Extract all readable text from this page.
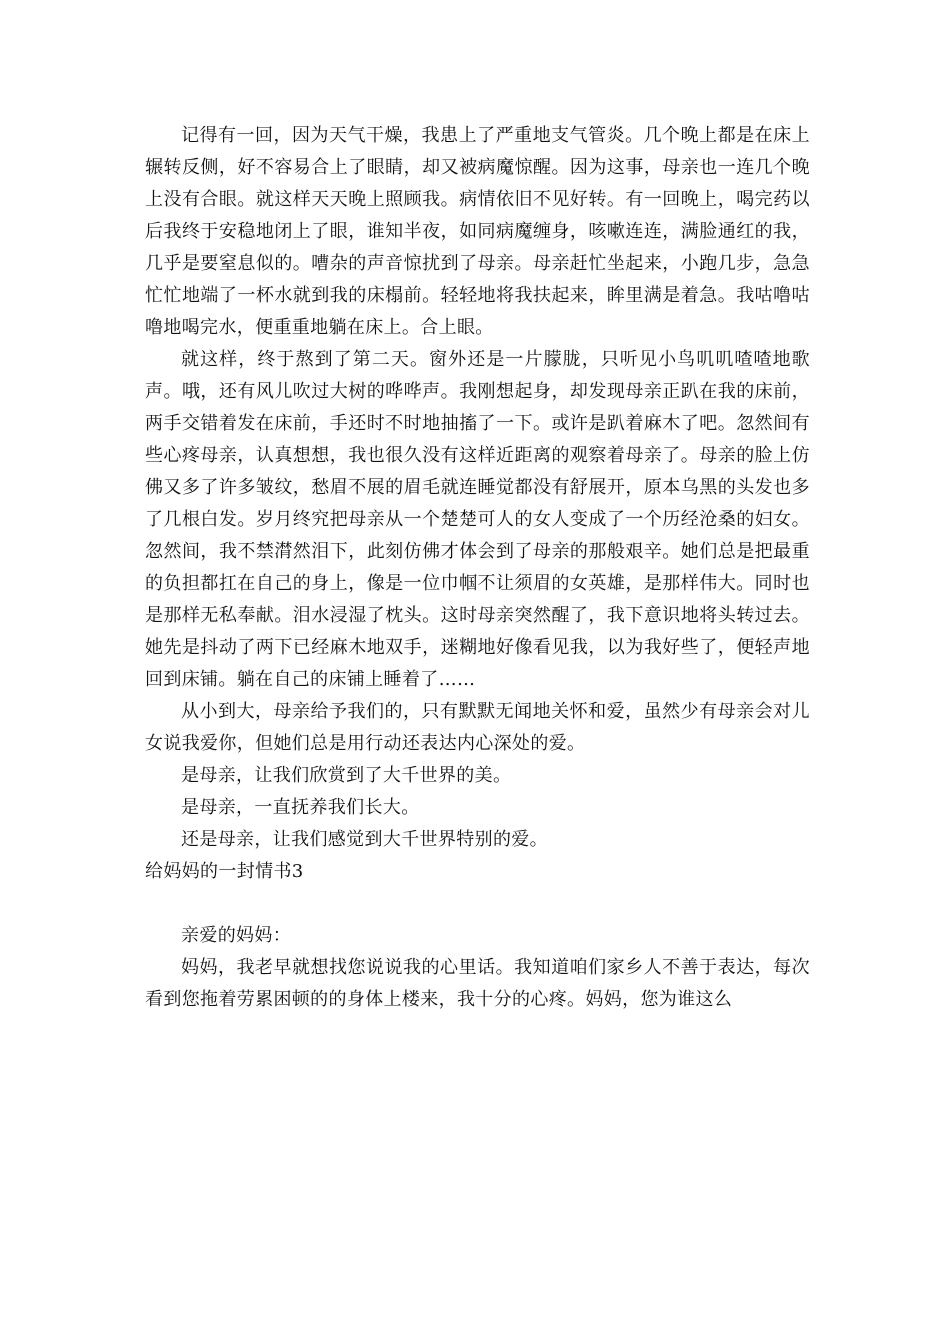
记得有一回，因为天气干燥，我患上了严重地支气管炎。几个晚上都是在床上辗转反侧，好不容易合上了眼睛，却又被病魔惊醒。因为这事，母亲也一连几个晚上没有合眼。就这样天天晚上照顾我。病情依旧不见好转。有一回晚上，喝完药以后我终于安稳地闭上了眼，谁知半夜，如同病魔缠身，咳嗽连连，满脸通红的我，几乎是要窒息似的。嘈杂的声音惊扰到了母亲。母亲赶忙坐起来，小跑几步，急急忙忙地端了一杯水就到我的床榻前。轻轻地将我扶起来，眸里满是着急。我咕噜咕噜地喝完水，便重重地躺在床上。合上眼。

就这样，终于熬到了第二天。窗外还是一片朦胧，只听见小鸟叽叽喳喳地歌声。哦，还有风儿吹过大树的哗哗声。我刚想起身，却发现母亲正趴在我的床前，两手交错着发在床前，手还时不时地抽搐了一下。或许是趴着麻木了吧。忽然间有些心疼母亲，认真想想，我也很久没有这样近距离的观察着母亲了。母亲的脸上仿佛又多了许多皱纹，愁眉不展的眉毛就连睡觉都没有舒展开，原本乌黑的头发也多了几根白发。岁月终究把母亲从一个楚楚可人的女人变成了一个历经沧桑的妇女。忽然间，我不禁潸然泪下，此刻仿佛才体会到了母亲的那般艰辛。她们总是把最重的负担都扛在自己的身上，像是一位巾帼不让须眉的女英雄，是那样伟大。同时也是那样无私奉献。泪水浸湿了枕头。这时母亲突然醒了，我下意识地将头转过去。她先是抖动了两下已经麻木地双手，迷糊地好像看见我，以为我好些了，便轻声地回到床铺。躺在自己的床铺上睡着了……

从小到大，母亲给予我们的，只有默默无闻地关怀和爱，虽然少有母亲会对儿女说我爱你，但她们总是用行动还表达内心深处的爱。

是母亲，让我们欣赏到了大千世界的美。

是母亲，一直抚养我们长大。

还是母亲，让我们感觉到大千世界特别的爱。

给妈妈的一封情书3

亲爱的妈妈：

妈妈，我老早就想找您说说我的心里话。我知道咱们家乡人不善于表达，每次看到您拖着劳累困顿的的身体上楼来，我十分的心疼。妈妈，您为谁这么
